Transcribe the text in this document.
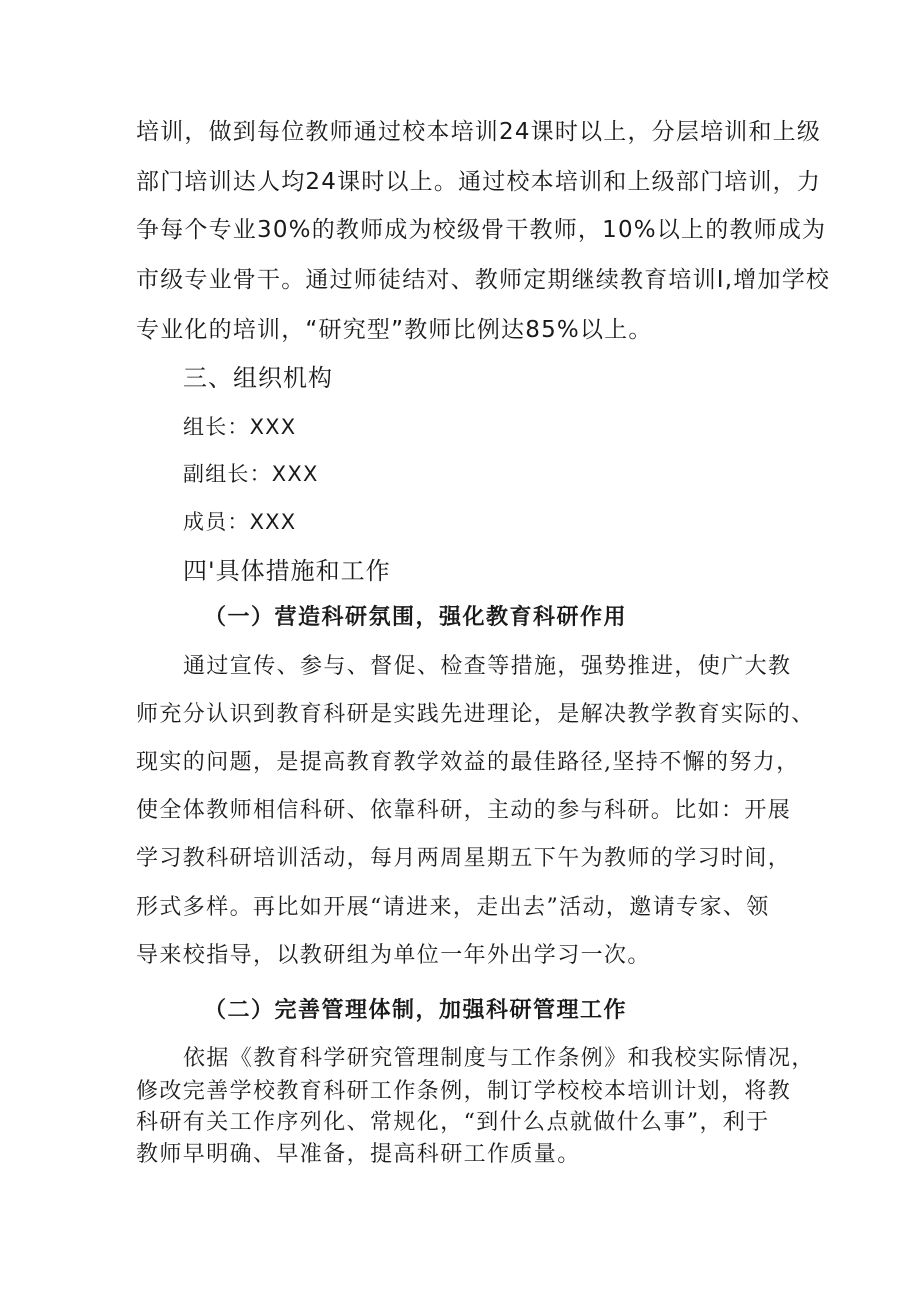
培训，做到每位教师通过校本培训24课时以上，分层培训和上级

部门培训达人均24课时以上。通过校本培训和上级部门培训，力

争每个专业30%的教师成为校级骨干教师，10%以上的教师成为

市级专业骨干。通过师徒结对、教师定期继续教育培训I,增加学校

专业化的培训，“研究型”教师比例达85%以上。

三、组织机构

组长：XXX

副组长：XXX

成员：XXX

四'具体措施和工作

（一）营造科研氛围，强化教育科研作用

通过宣传、参与、督促、检查等措施，强势推进，使广大教

师充分认识到教育科研是实践先进理论，是解决教学教育实际的、

现实的问题，是提高教育教学效益的最佳路径,坚持不懈的努力，

使全体教师相信科研、依靠科研，主动的参与科研。比如：开展

学习教科研培训活动，每月两周星期五下午为教师的学习时间，

形式多样。再比如开展“请进来，走出去”活动，邀请专家、领

导来校指导，以教研组为单位一年外出学习一次。

（二）完善管理体制，加强科研管理工作

依据《教育科学研究管理制度与工作条例》和我校实际情况，

修改完善学校教育科研工作条例，制订学校校本培训计划，将教

科研有关工作序列化、常规化，“到什么点就做什么事”，利于

教师早明确、早准备，提高科研工作质量。
